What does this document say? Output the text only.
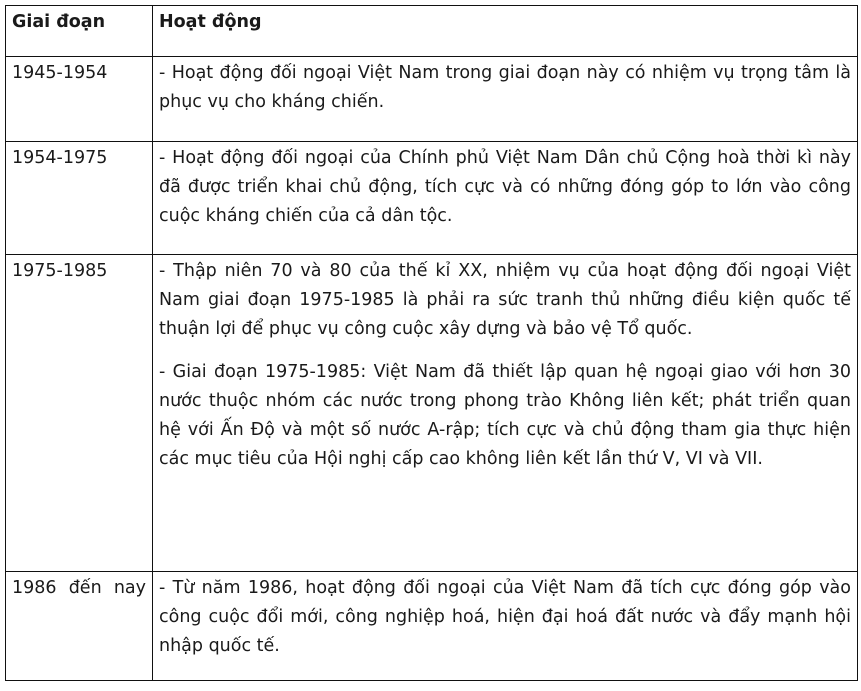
Giai đoạn	Hoạt động
1945-1954	- Hoạt động đối ngoại Việt Nam trong giai đoạn này có nhiệm vụ trọng tâm là phục vụ cho kháng chiến.

1954-1975	- Hoạt động đối ngoại của Chính phủ Việt Nam Dân chủ Cộng hoà thời kì này đã được triển khai chủ động, tích cực và có những đóng góp to lớn vào công cuộc kháng chiến của cả dân tộc.

1975-1985	- Thập niên 70 và 80 của thế kỉ XX, nhiệm vụ của hoạt động đối ngoại Việt Nam giai đoạn 1975-1985 là phải ra sức tranh thủ những điều kiện quốc tế thuận lợi để phục vụ công cuộc xây dựng và bảo vệ Tổ quốc.

- Giai đoạn 1975-1985: Việt Nam đã thiết lập quan hệ ngoại giao với hơn 30 nước thuộc nhóm các nước trong phong trào Không liên kết; phát triển quan hệ với Ấn Độ và một số nước A-rập; tích cực và chủ động tham gia thực hiện các mục tiêu của Hội nghị cấp cao không liên kết lần thứ V, VI và VII.

1986 đến nay	- Từ năm 1986, hoạt động đối ngoại của Việt Nam đã tích cực đóng góp vào công cuộc đổi mới, công nghiệp hoá, hiện đại hoá đất nước và đẩy mạnh hội nhập quốc tế.
